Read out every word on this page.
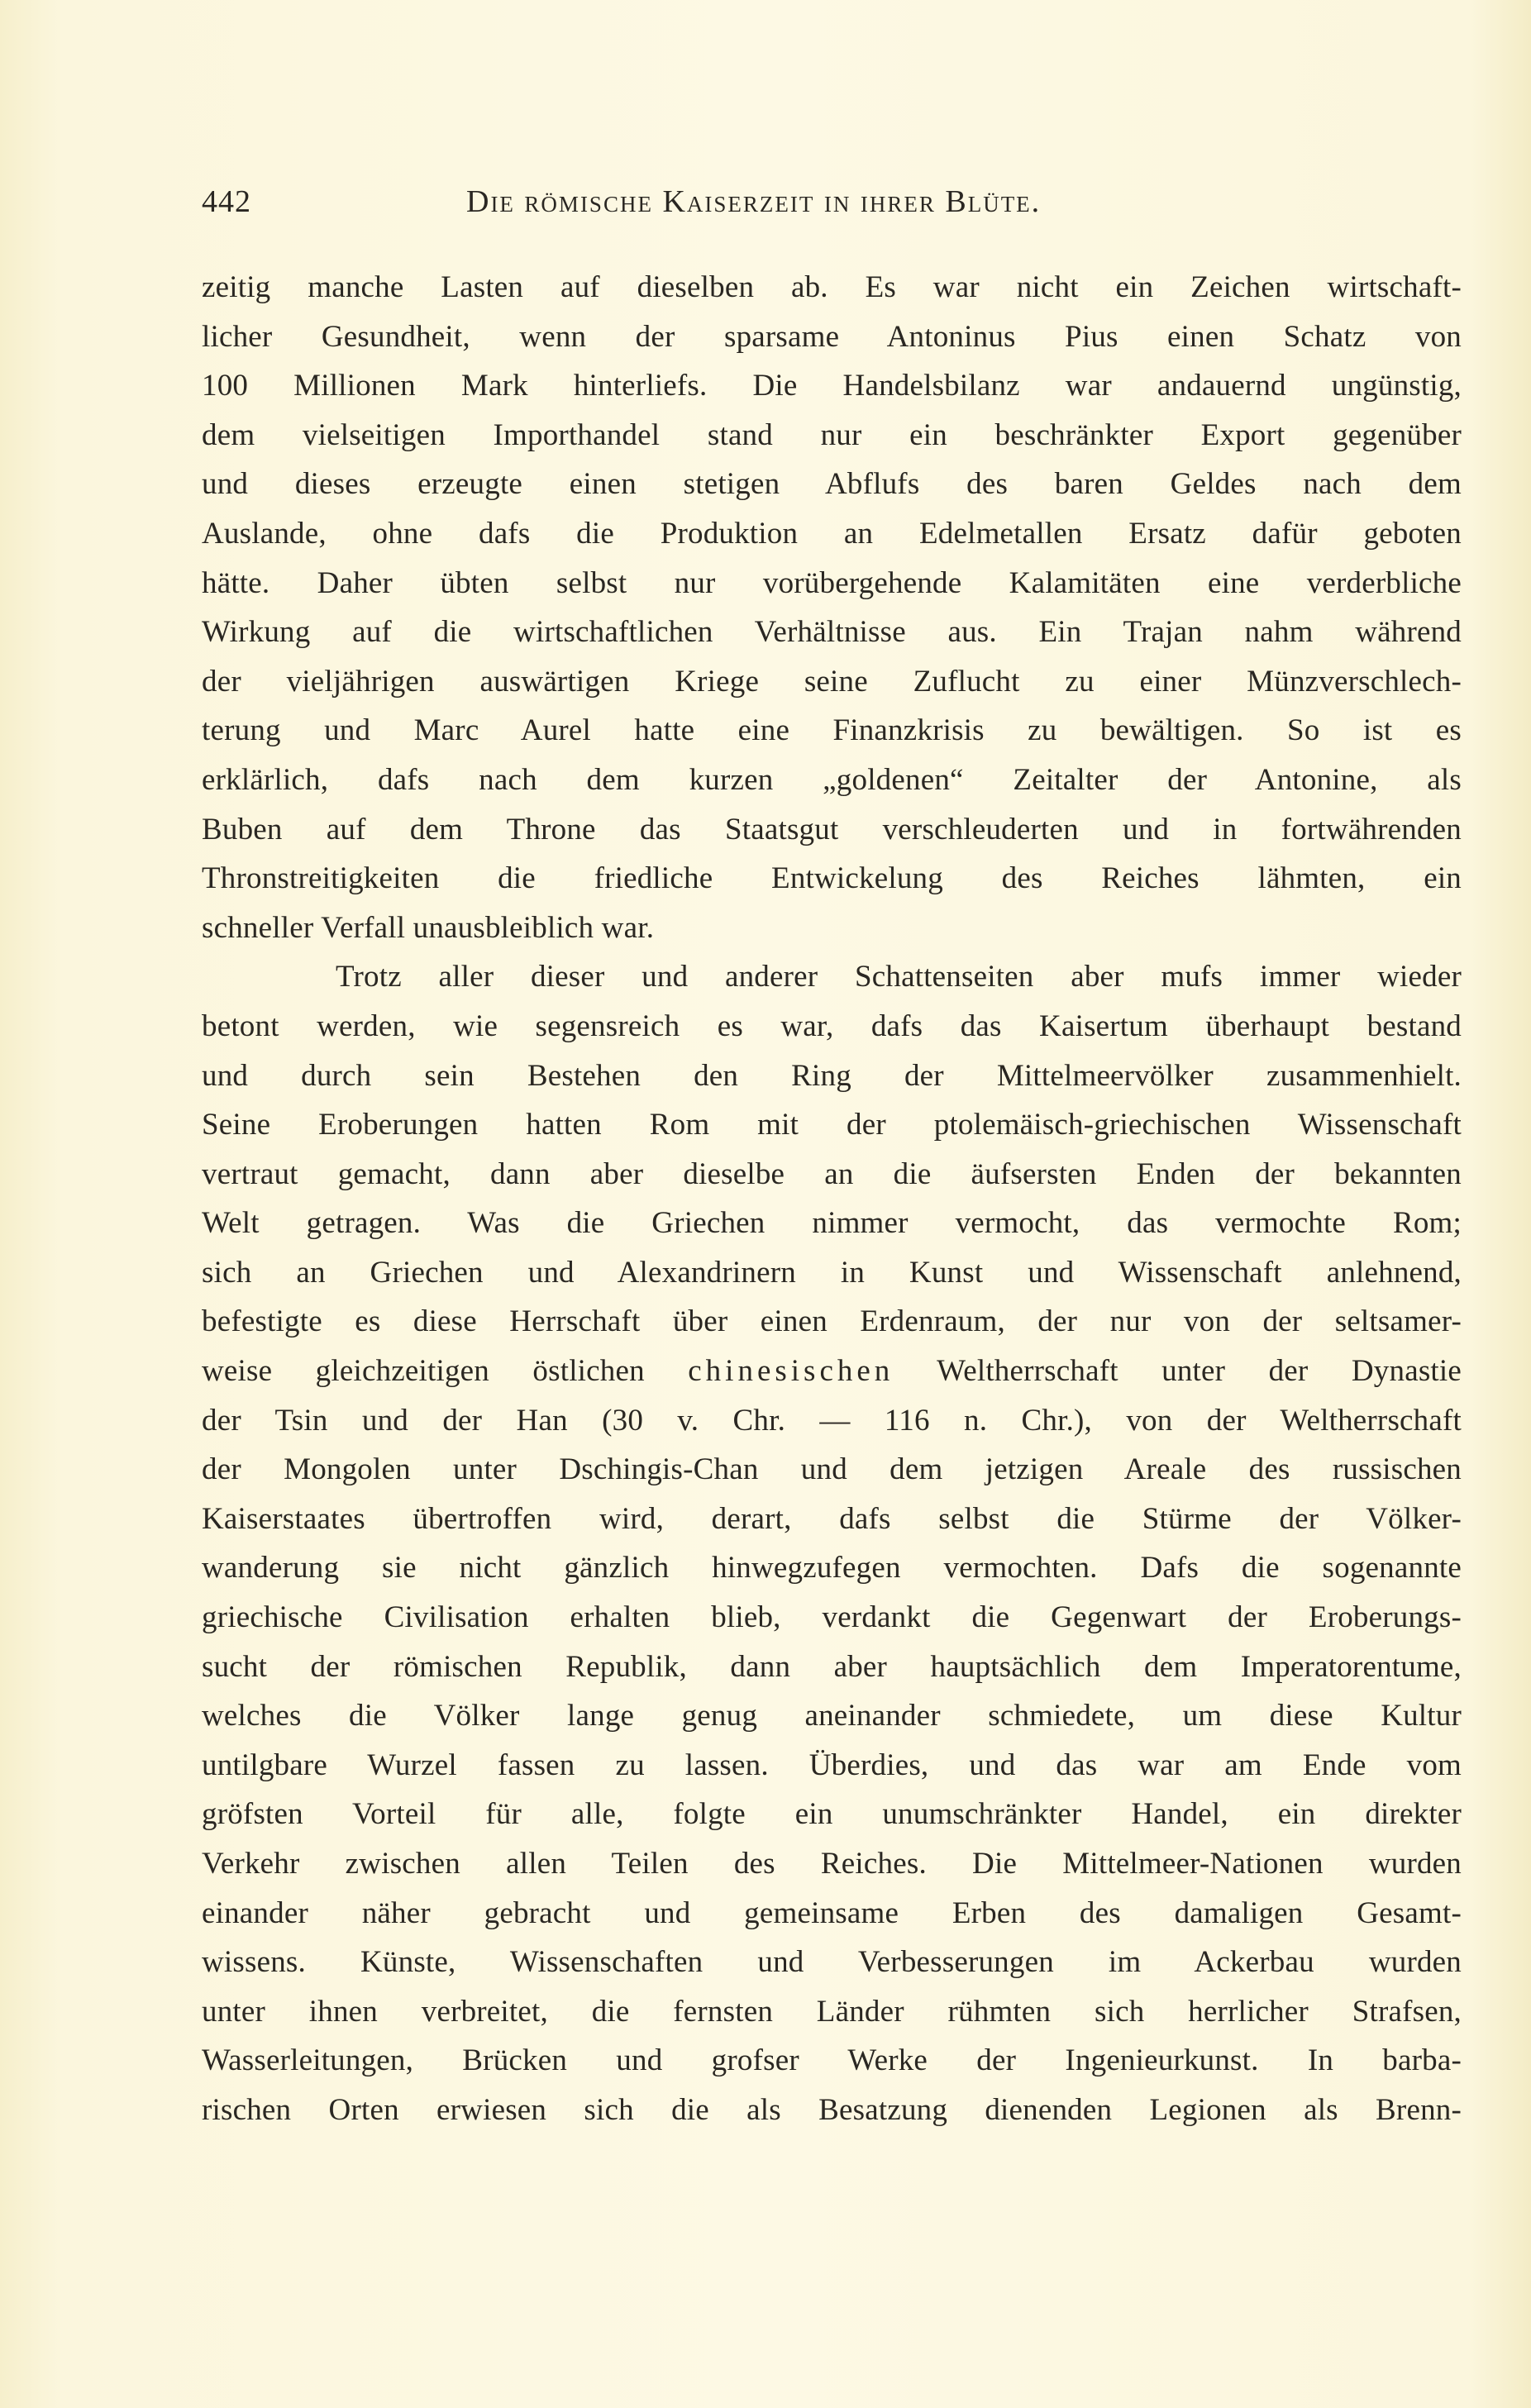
442	Die römische Kaiserzeit in ihrer Blüte.
zeitig manche Lasten auf dieselben ab. Es war nicht ein Zeichen wirtschaft-
licher Gesundheit, wenn der sparsame Antoninus Pius einen Schatz von
100 Millionen Mark hinterliefs. Die Handelsbilanz war andauernd ungünstig,
dem vielseitigen Importhandel stand nur ein beschränkter Export gegenüber
und dieses erzeugte einen stetigen Abflufs des baren Geldes nach dem
Auslande, ohne dafs die Produktion an Edelmetallen Ersatz dafür geboten
hätte. Daher übten selbst nur vorübergehende Kalamitäten eine verderbliche
Wirkung auf die wirtschaftlichen Verhältnisse aus. Ein Trajan nahm während
der vieljährigen auswärtigen Kriege seine Zuflucht zu einer Münzverschlech-
terung und Marc Aurel hatte eine Finanzkrisis zu bewältigen. So ist es
erklärlich, dafs nach dem kurzen „goldenen“ Zeitalter der Antonine, als
Buben auf dem Throne das Staatsgut verschleuderten und in fortwährenden
Thronstreitigkeiten die friedliche Entwickelung des Reiches lähmten, ein
schneller Verfall unausbleiblich war.
Trotz aller dieser und anderer Schattenseiten aber mufs immer wieder
betont werden, wie segensreich es war, dafs das Kaisertum überhaupt bestand
und durch sein Bestehen den Ring der Mittelmeervölker zusammenhielt.
Seine Eroberungen hatten Rom mit der ptolemäisch-griechischen Wissenschaft
vertraut gemacht, dann aber dieselbe an die äufsersten Enden der bekannten
Welt getragen. Was die Griechen nimmer vermocht, das vermochte Rom;
sich an Griechen und Alexandrinern in Kunst und Wissenschaft anlehnend,
befestigte es diese Herrschaft über einen Erdenraum, der nur von der seltsamer-
weise gleichzeitigen östlichen chinesischen Weltherrschaft unter der Dynastie
der Tsin und der Han (30 v. Chr. — 116 n. Chr.), von der Weltherrschaft
der Mongolen unter Dschingis-Chan und dem jetzigen Areale des russischen
Kaiserstaates übertroffen wird, derart, dafs selbst die Stürme der Völker-
wanderung sie nicht gänzlich hinwegzufegen vermochten. Dafs die sogenannte
griechische Civilisation erhalten blieb, verdankt die Gegenwart der Eroberungs-
sucht der römischen Republik, dann aber hauptsächlich dem Imperatorentume,
welches die Völker lange genug aneinander schmiedete, um diese Kultur
untilgbare Wurzel fassen zu lassen. Überdies, und das war am Ende vom
gröfsten Vorteil für alle, folgte ein unumschränkter Handel, ein direkter
Verkehr zwischen allen Teilen des Reiches. Die Mittelmeer-Nationen wurden
einander näher gebracht und gemeinsame Erben des damaligen Gesamt-
wissens. Künste, Wissenschaften und Verbesserungen im Ackerbau wurden
unter ihnen verbreitet, die fernsten Länder rühmten sich herrlicher Strafsen,
Wasserleitungen, Brücken und grofser Werke der Ingenieurkunst. In barba-
rischen Orten erwiesen sich die als Besatzung dienenden Legionen als Brenn-
